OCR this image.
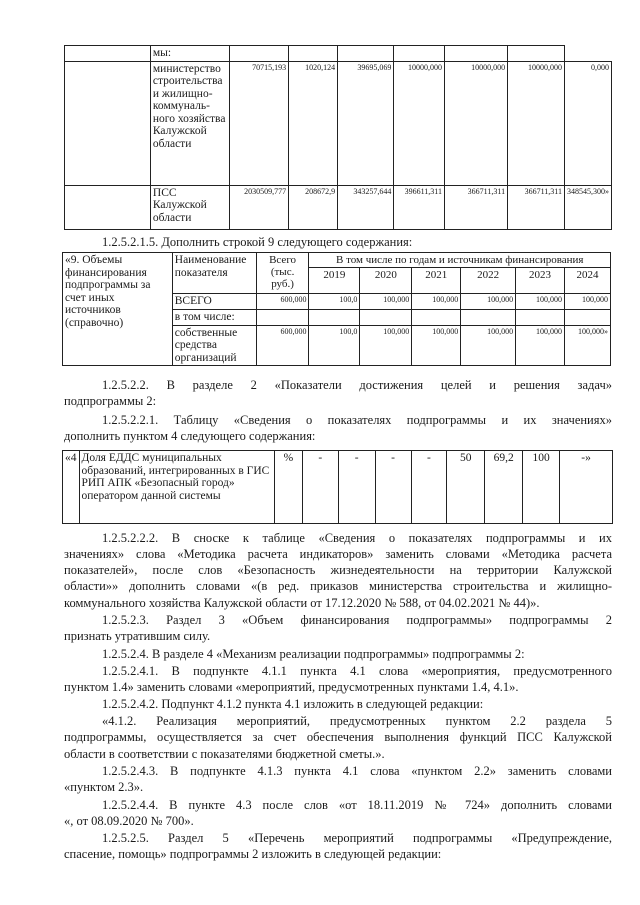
	мы:							
	министерство строительства и жилищно-коммуналь-ного хозяйства Калужской области	70715,193	1020,124	39695,069	10000,000	10000,000	10000,000	0,000
	ПСС Калужской области	2030509,777	208672,9	343257,644	396611,311	366711,311	366711,311	348545,300»

1.2.5.2.1.5. Дополнить строкой 9 следующего содержания:

«9. Объемы финансирования подпрограммы за счет иных источников (справочно)	Наименование показателя	Всего (тыс. руб.)	В том числе по годам и источникам финансирования					
			2019	2020	2021	2022	2023	2024
	ВСЕГО	600,000	100,0	100,000	100,000	100,000	100,000	100,000
	в том числе:							
	собственные средства организаций	600,000	100,0	100,000	100,000	100,000	100,000	100,000»

1.2.5.2.2. В разделе 2 «Показатели достижения целей и решения задач»

подпрограммы 2:

1.2.5.2.2.1. Таблицу «Сведения о показателях подпрограммы и их значениях»

дополнить пунктом 4 следующего содержания:

«4	Доля ЕДДС муниципальных образований, интегрированных в ГИС РИП АПК «Безопасный город» оператором данной системы	%	-	-	-	-	50	69,2	100	-»

1.2.5.2.2.2. В сноске к таблице «Сведения о показателях подпрограммы и их

значениях» слова «Методика расчета индикаторов» заменить словами «Методика расчета

показателей», после слов «Безопасность жизнедеятельности на территории Калужской

области»» дополнить словами «(в ред. приказов министерства строительства и жилищно-

коммунального хозяйства Калужской области от 17.12.2020 № 588, от 04.02.2021 № 44)».

1.2.5.2.3. Раздел 3 «Объем финансирования подпрограммы» подпрограммы 2

признать утратившим силу.

1.2.5.2.4. В разделе 4 «Механизм реализации подпрограммы» подпрограммы 2:

1.2.5.2.4.1. В подпункте 4.1.1 пункта 4.1 слова «мероприятия, предусмотренного

пунктом 1.4» заменить словами «мероприятий, предусмотренных пунктами 1.4, 4.1».

1.2.5.2.4.2. Подпункт 4.1.2 пункта 4.1 изложить в следующей редакции:

«4.1.2. Реализация мероприятий, предусмотренных пунктом 2.2 раздела 5

подпрограммы, осуществляется за счет обеспечения выполнения функций ПСС Калужской

области в соответствии с показателями бюджетной сметы.».

1.2.5.2.4.3. В подпункте 4.1.3 пункта 4.1 слова «пунктом 2.2» заменить словами

«пунктом 2.3».

1.2.5.2.4.4. В пункте 4.3 после слов «от 18.11.2019 № 724» дополнить словами

«, от 08.09.2020 № 700».

1.2.5.2.5. Раздел 5 «Перечень мероприятий подпрограммы «Предупреждение,

спасение, помощь» подпрограммы 2 изложить в следующей редакции:
